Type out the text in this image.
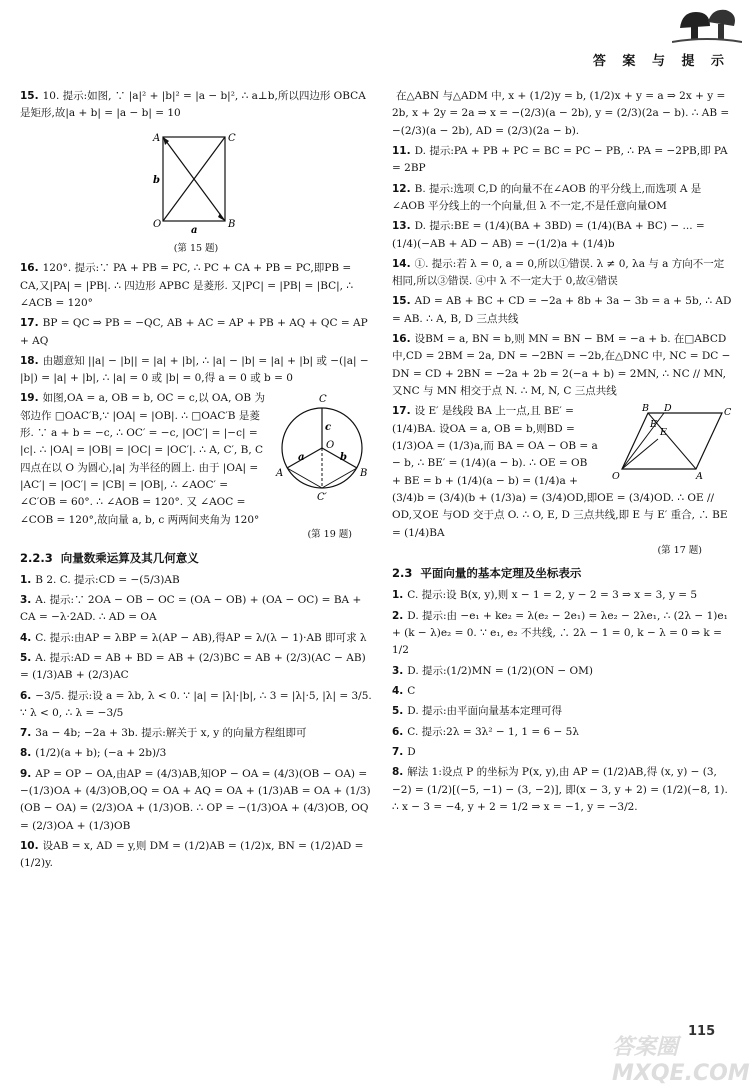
答 案 与 提 示
15. 10. 提示:如图, ∵ |a|² + |b|² = |a − b|², ∴ a⊥b,所以四边形 OBCA 是矩形,故|a + b| = |a − b| = 10
A	C
O	B
b
a
(第 15 题)
16. 120°. 提示:∵ PA + PB = PC, ∴ PC + CA + PB = PC,即PB = CA,又|PA| = |PB|. ∴ 四边形 APBC 是菱形. 又|PC| = |PB| = |BC|, ∴ ∠ACB = 120°
17. BP = QC ⇒ PB = −QC, AB + AC = AP + PB + AQ + QC = AP + AQ
18. 由题意知 ||a| − |b|| = |a| + |b|, ∴ |a| − |b| = |a| + |b| 或 −(|a| − |b|) = |a| + |b|, ∴ |a| = 0 或 |b| = 0,得 a = 0 或 b = 0
C
c
O
a	b
A	B
C′
19. 如图,OA = a, OB = b, OC = c,以 OA, OB 为邻边作 □OAC′B,∵ |OA| = |OB|. ∴ □OAC′B 是菱形. ∵ a + b = −c, ∴ OC′ = −c, |OC′| = |−c| = |c|. ∴ |OA| = |OB| = |OC| = |OC′|. ∴ A, C′, B, C 四点在以 O 为圆心,|a| 为半径的圆上. 由于 |OA| = |AC′| = |OC′| = |CB| = |OB|, ∴ ∠AOC′ = ∠C′OB = 60°. ∴ ∠AOB = 120°. 又 ∠AOC = ∠COB = 120°,故向量 a, b, c 两两间夹角为 120°
(第 19 题)
2.2.3 向量数乘运算及其几何意义
1. B 2. C. 提示:CD = −(5/3)AB
3. A. 提示:∵ 2OA − OB − OC = (OA − OB) + (OA − OC) = BA + CA = −λ·2AD. ∴ AD = OA
4. C. 提示:由AP = λBP = λ(AP − AB),得AP = λ/(λ − 1)·AB 即可求 λ
5. A. 提示:AD = AB + BD = AB + (2/3)BC = AB + (2/3)(AC − AB) = (1/3)AB + (2/3)AC
6. −3/5. 提示:设 a = λb, λ < 0. ∵ |a| = |λ|·|b|, ∴ 3 = |λ|·5, |λ| = 3/5. ∵ λ < 0, ∴ λ = −3/5
7. 3a − 4b; −2a + 3b. 提示:解关于 x, y 的向量方程组即可
8. (1/2)(a + b); (−a + 2b)/3
9. AP = OP − OA,由AP = (4/3)AB,知OP − OA = (4/3)(OB − OA) = −(1/3)OA + (4/3)OB,OQ = OA + AQ = OA + (1/3)AB = OA + (1/3)(OB − OA) = (2/3)OA + (1/3)OB. ∴ OP = −(1/3)OA + (4/3)OB, OQ = (2/3)OA + (1/3)OB
10. 设AB = x, AD = y,则 DM = (1/2)AB = (1/2)x, BN = (1/2)AD = (1/2)y.
在△ABN 与△ADM 中, x + (1/2)y = b, (1/2)x + y = a ⇒ 2x + y = 2b, x + 2y = 2a ⇒ x = −(2/3)(a − 2b), y = (2/3)(2a − b). ∴ AB = −(2/3)(a − 2b), AD = (2/3)(2a − b).
11. D. 提示:PA + PB + PC = BC = PC − PB, ∴ PA = −2PB,即 PA = 2BP
12. B. 提示:选项 C,D 的向量不在∠AOB 的平分线上,而选项 A 是∠AOB 平分线上的一个向量,但 λ 不一定,不是任意向量OM
13. D. 提示:BE = (1/4)(BA + 3BD) = (1/4)(BA + BC) − ... = (1/4)(−AB + AD − AB) = −(1/2)a + (1/4)b
14. ①. 提示:若 λ = 0, a = 0,所以①错误. λ ≠ 0, λa 与 a 方向不一定相同,所以③错误. ④中 λ 不一定大于 0,故④错误
15. AD = AB + BC + CD = −2a + 8b + 3a − 3b = a + 5b, ∴ AD = AB. ∴ A, B, D 三点共线
16. 设BM = a, BN = b,则 MN = BN − BM = −a + b. 在□ABCD 中,CD = 2BM = 2a, DN = −2BN = −2b,在△DNC 中, NC = DC − DN = CD + 2BN = −2a + 2b = 2(−a + b) = 2MN, ∴ NC // MN,又NC 与 MN 相交于点 N. ∴ M, N, C 三点共线
B D	C
E
E′
O	A
17. 设 E′ 是线段 BA 上一点,且 BE′ = (1/4)BA. 设OA = a, OB = b,则BD = (1/3)OA = (1/3)a,而 BA = OA − OB = a − b, ∴ BE′ = (1/4)(a − b). ∴ OE = OB + BE = b + (1/4)(a − b) = (1/4)a + (3/4)b = (3/4)(b + (1/3)a) = (3/4)OD,即OE = (3/4)OD. ∴ OE // OD,又OE 与OD 交于点 O. ∴ O, E, D 三点共线,即 E 与 E′ 重合, ∴ BE = (1/4)BA
(第 17 题)
2.3 平面向量的基本定理及坐标表示
1. C. 提示:设 B(x, y),则 x − 1 = 2, y − 2 = 3 ⇒ x = 3, y = 5
2. D. 提示:由 −e₁ + ke₂ = λ(e₂ − 2e₁) = λe₂ − 2λe₁, ∴ (2λ − 1)e₁ + (k − λ)e₂ = 0. ∵ e₁, e₂ 不共线, ∴ 2λ − 1 = 0, k − λ = 0 ⇒ k = 1/2
3. D. 提示:(1/2)MN = (1/2)(ON − OM)
4. C
5. D. 提示:由平面向量基本定理可得
6. C. 提示:2λ = 3λ² − 1, 1 = 6 − 5λ
7. D
8. 解法 1:设点 P 的坐标为 P(x, y),由 AP = (1/2)AB,得 (x, y) − (3, −2) = (1/2)[(−5, −1) − (3, −2)], 即(x − 3, y + 2) = (1/2)(−8, 1). ∴ x − 3 = −4, y + 2 = 1/2 ⇒ x = −1, y = −3/2.
答案圈 MXQE.COM
115
